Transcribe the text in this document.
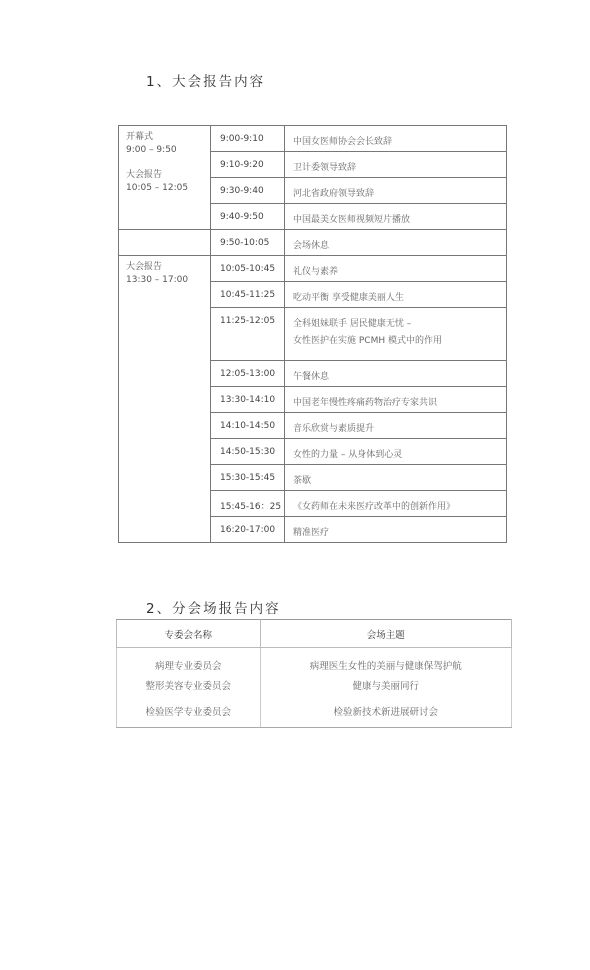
1、大会报告内容
开幕式
9:00 – 9:50
大会报告
10:05 – 12:05	9:00-9:10	中国女医师协会会长致辞
	9:10-9:20	卫计委领导致辞
	9:30-9:40	河北省政府领导致辞
	9:40-9:50	中国最美女医师视频短片播放
	9:50-10:05	会场休息

大会报告
13:30 – 17:00	10:05-10:45	礼仪与素养
	10:45-11:25	吃动平衡 享受健康美丽人生
	11:25-12:05	全科姐妹联手 居民健康无忧 –
女性医护在实施 PCMH 模式中的作用

	12:05-13:00	午餐休息
	13:30-14:10	中国老年慢性疼痛药物治疗专家共识
	14:10-14:50	音乐欣赏与素质提升
	14:50-15:30	女性的力量 – 从身体到心灵
	15:30-15:45	茶歇
	15:45-16：25	《女药师在未来医疗改革中的创新作用》
	16:20-17:00	精准医疗
2、分会场报告内容
专委会名称	会场主题
病理专业委员会	病理医生女性的美丽与健康保驾护航
整形美容专业委员会	健康与美丽同行
检验医学专业委员会	检验新技术新进展研讨会
